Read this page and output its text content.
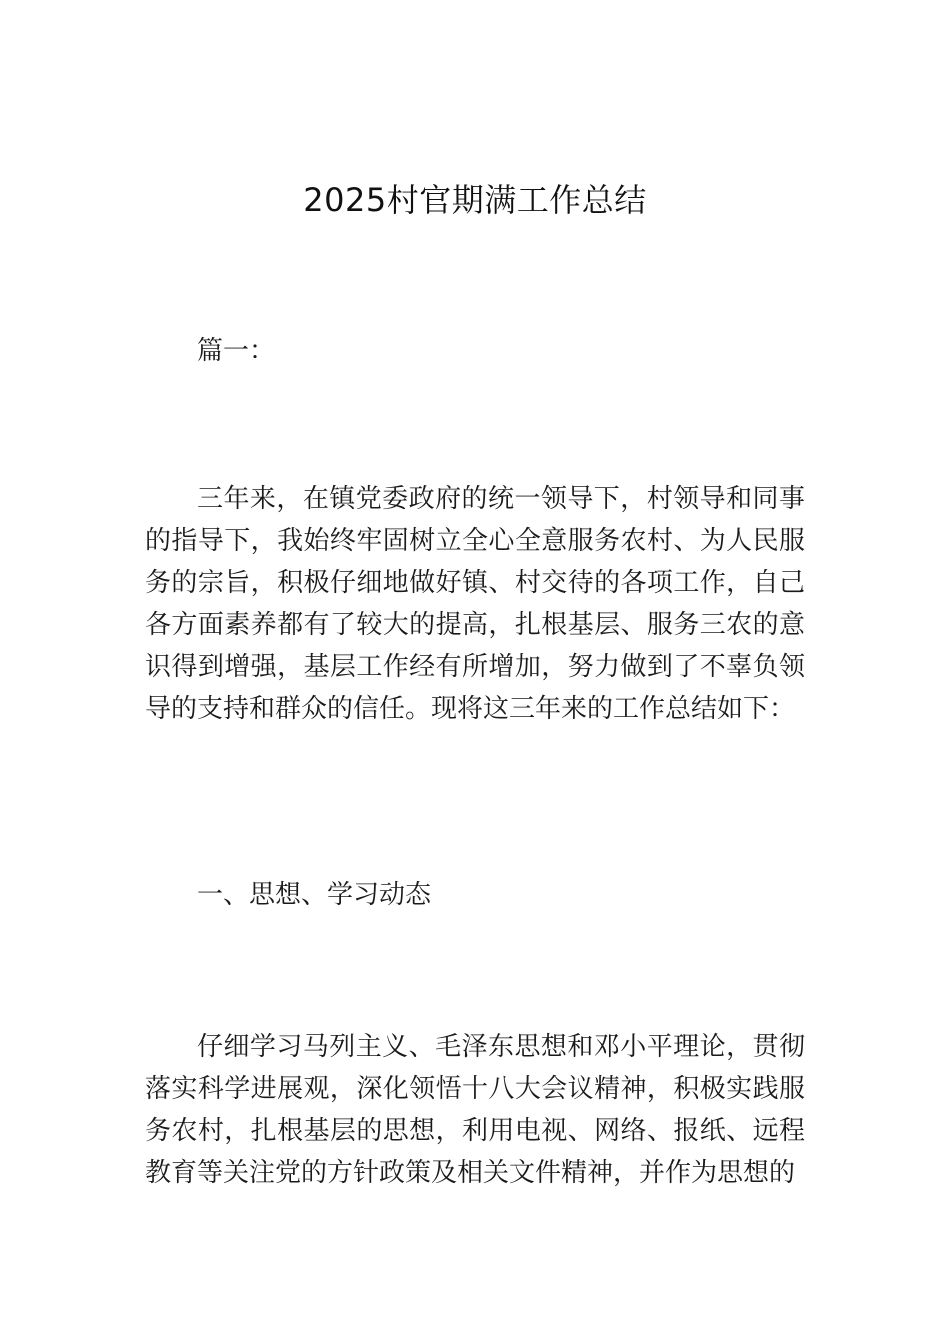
2025村官期满工作总结
篇一：
三年来，在镇党委政府的统一领导下，村领导和同事的指导下，我始终牢固树立全心全意服务农村、为人民服务的宗旨，积极仔细地做好镇、村交待的各项工作，自己各方面素养都有了较大的提高，扎根基层、服务三农的意识得到增强，基层工作经有所增加，努力做到了不辜负领导的支持和群众的信任。现将这三年来的工作总结如下：
一、思想、学习动态
仔细学习马列主义、毛泽东思想和邓小平理论，贯彻落实科学进展观，深化领悟十八大会议精神，积极实践服务农村，扎根基层的思想，利用电视、网络、报纸、远程教育等关注党的方针政策及相关文件精神，并作为思想的
